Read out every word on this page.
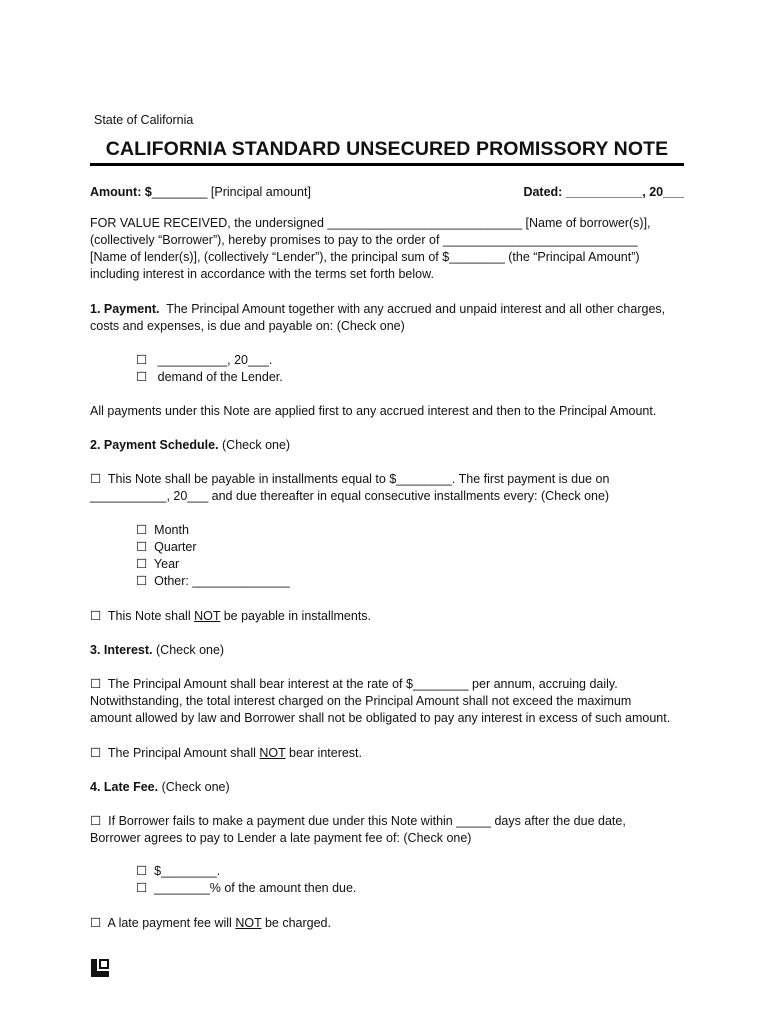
State of California
CALIFORNIA STANDARD UNSECURED PROMISSORY NOTE
Amount: $________ [Principal amount]	Dated: ___________, 20___
FOR VALUE RECEIVED, the undersigned ____________________________ [Name of borrower(s)],
(collectively “Borrower”), hereby promises to pay to the order of ____________________________
[Name of lender(s)], (collectively “Lender”), the principal sum of $________ (the “Principal Amount”)
including interest in accordance with the terms set forth below.
1. Payment.  The Principal Amount together with any accrued and unpaid interest and all other charges,
costs and expenses, is due and payable on: (Check one)
☐   __________, 20___.
☐   demand of the Lender.
All payments under this Note are applied first to any accrued interest and then to the Principal Amount.
2. Payment Schedule. (Check one)
☐  This Note shall be payable in installments equal to $________. The first payment is due on
___________, 20___ and due thereafter in equal consecutive installments every: (Check one)
☐  Month
☐  Quarter
☐  Year
☐  Other: ______________
☐  This Note shall NOT be payable in installments.
3. Interest. (Check one)
☐  The Principal Amount shall bear interest at the rate of $________ per annum, accruing daily.
Notwithstanding, the total interest charged on the Principal Amount shall not exceed the maximum
amount allowed by law and Borrower shall not be obligated to pay any interest in excess of such amount.
☐  The Principal Amount shall NOT bear interest.
4. Late Fee. (Check one)
☐  If Borrower fails to make a payment due under this Note within _____ days after the due date,
Borrower agrees to pay to Lender a late payment fee of: (Check one)
☐  $________.
☐  ________% of the amount then due.
☐  A late payment fee will NOT be charged.
